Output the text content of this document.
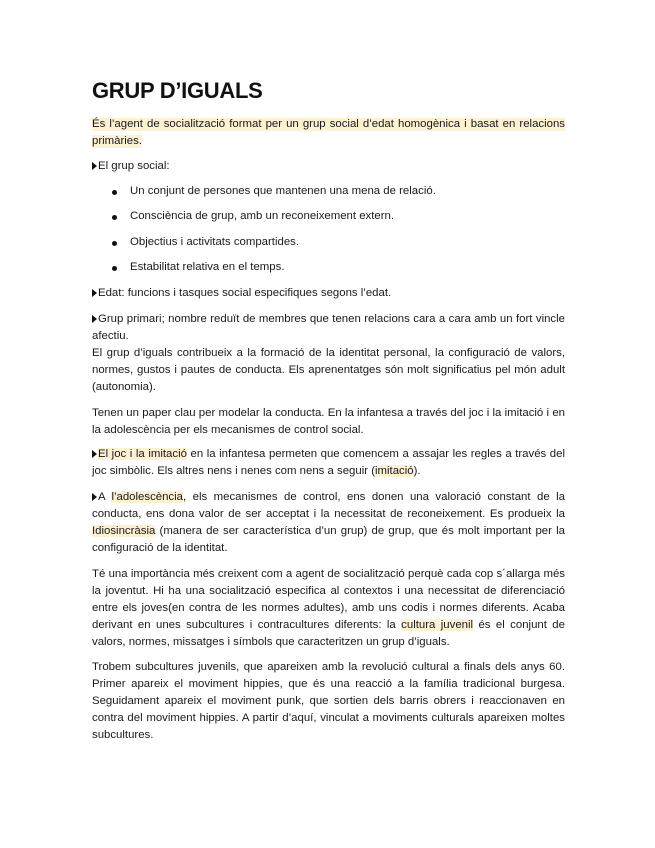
GRUP D’IGUALS

És l’agent de socialització format per un grup social d’edat homogènica i basat en relacions primàries.

El grup social:

Un conjunt de persones que mantenen una mena de relació.
Consciència de grup, amb un reconeixement extern.
Objectius i activitats compartides.
Estabilitat relativa en el temps.

Edat: funcions i tasques social especifiques segons l’edat.

Grup primari; nombre reduït de membres que tenen relacions cara a cara amb un fort vincle afectiu.

El grup d’iguals contribueix a la formació de la identitat personal, la configuració de valors, normes, gustos i pautes de conducta. Els aprenentatges són molt significatius pel món adult (autonomia).

Tenen un paper clau per modelar la conducta. En la infantesa a través del joc i la imitació i en la adolescència per els mecanismes de control social.

El joc i la imitació en la infantesa permeten que comencem a assajar les regles a través del joc simbòlic. Els altres nens i nenes com nens a seguir (imitació).

A l’adolescència, els mecanismes de control, ens donen una valoració constant de la conducta, ens dona valor de ser acceptat i la necessitat de reconeixement. Es produeix la Idiosincràsia (manera de ser característica d’un grup) de grup, que és molt important per la configuració de la identitat.

Té una importància més creixent com a agent de socialització perquè cada cop s´allarga més la joventut. Hi ha una socialització especifica al contextos i una necessitat de diferenciació entre els joves(en contra de les normes adultes), amb uns codis i normes diferents. Acaba derivant en unes subcultures i contracultures diferents: la cultura juvenil és el conjunt de valors, normes, missatges i símbols que caracteritzen un grup d’iguals.

Trobem subcultures juvenils, que apareixen amb la revolució cultural a finals dels anys 60. Primer apareix el moviment hippies, que és una reacció a la família tradicional burgesa. Seguidament apareix el moviment punk, que sortien dels barris obrers i reaccionaven en contra del moviment hippies. A partir d’aquí, vinculat a moviments culturals apareixen moltes subcultures.
